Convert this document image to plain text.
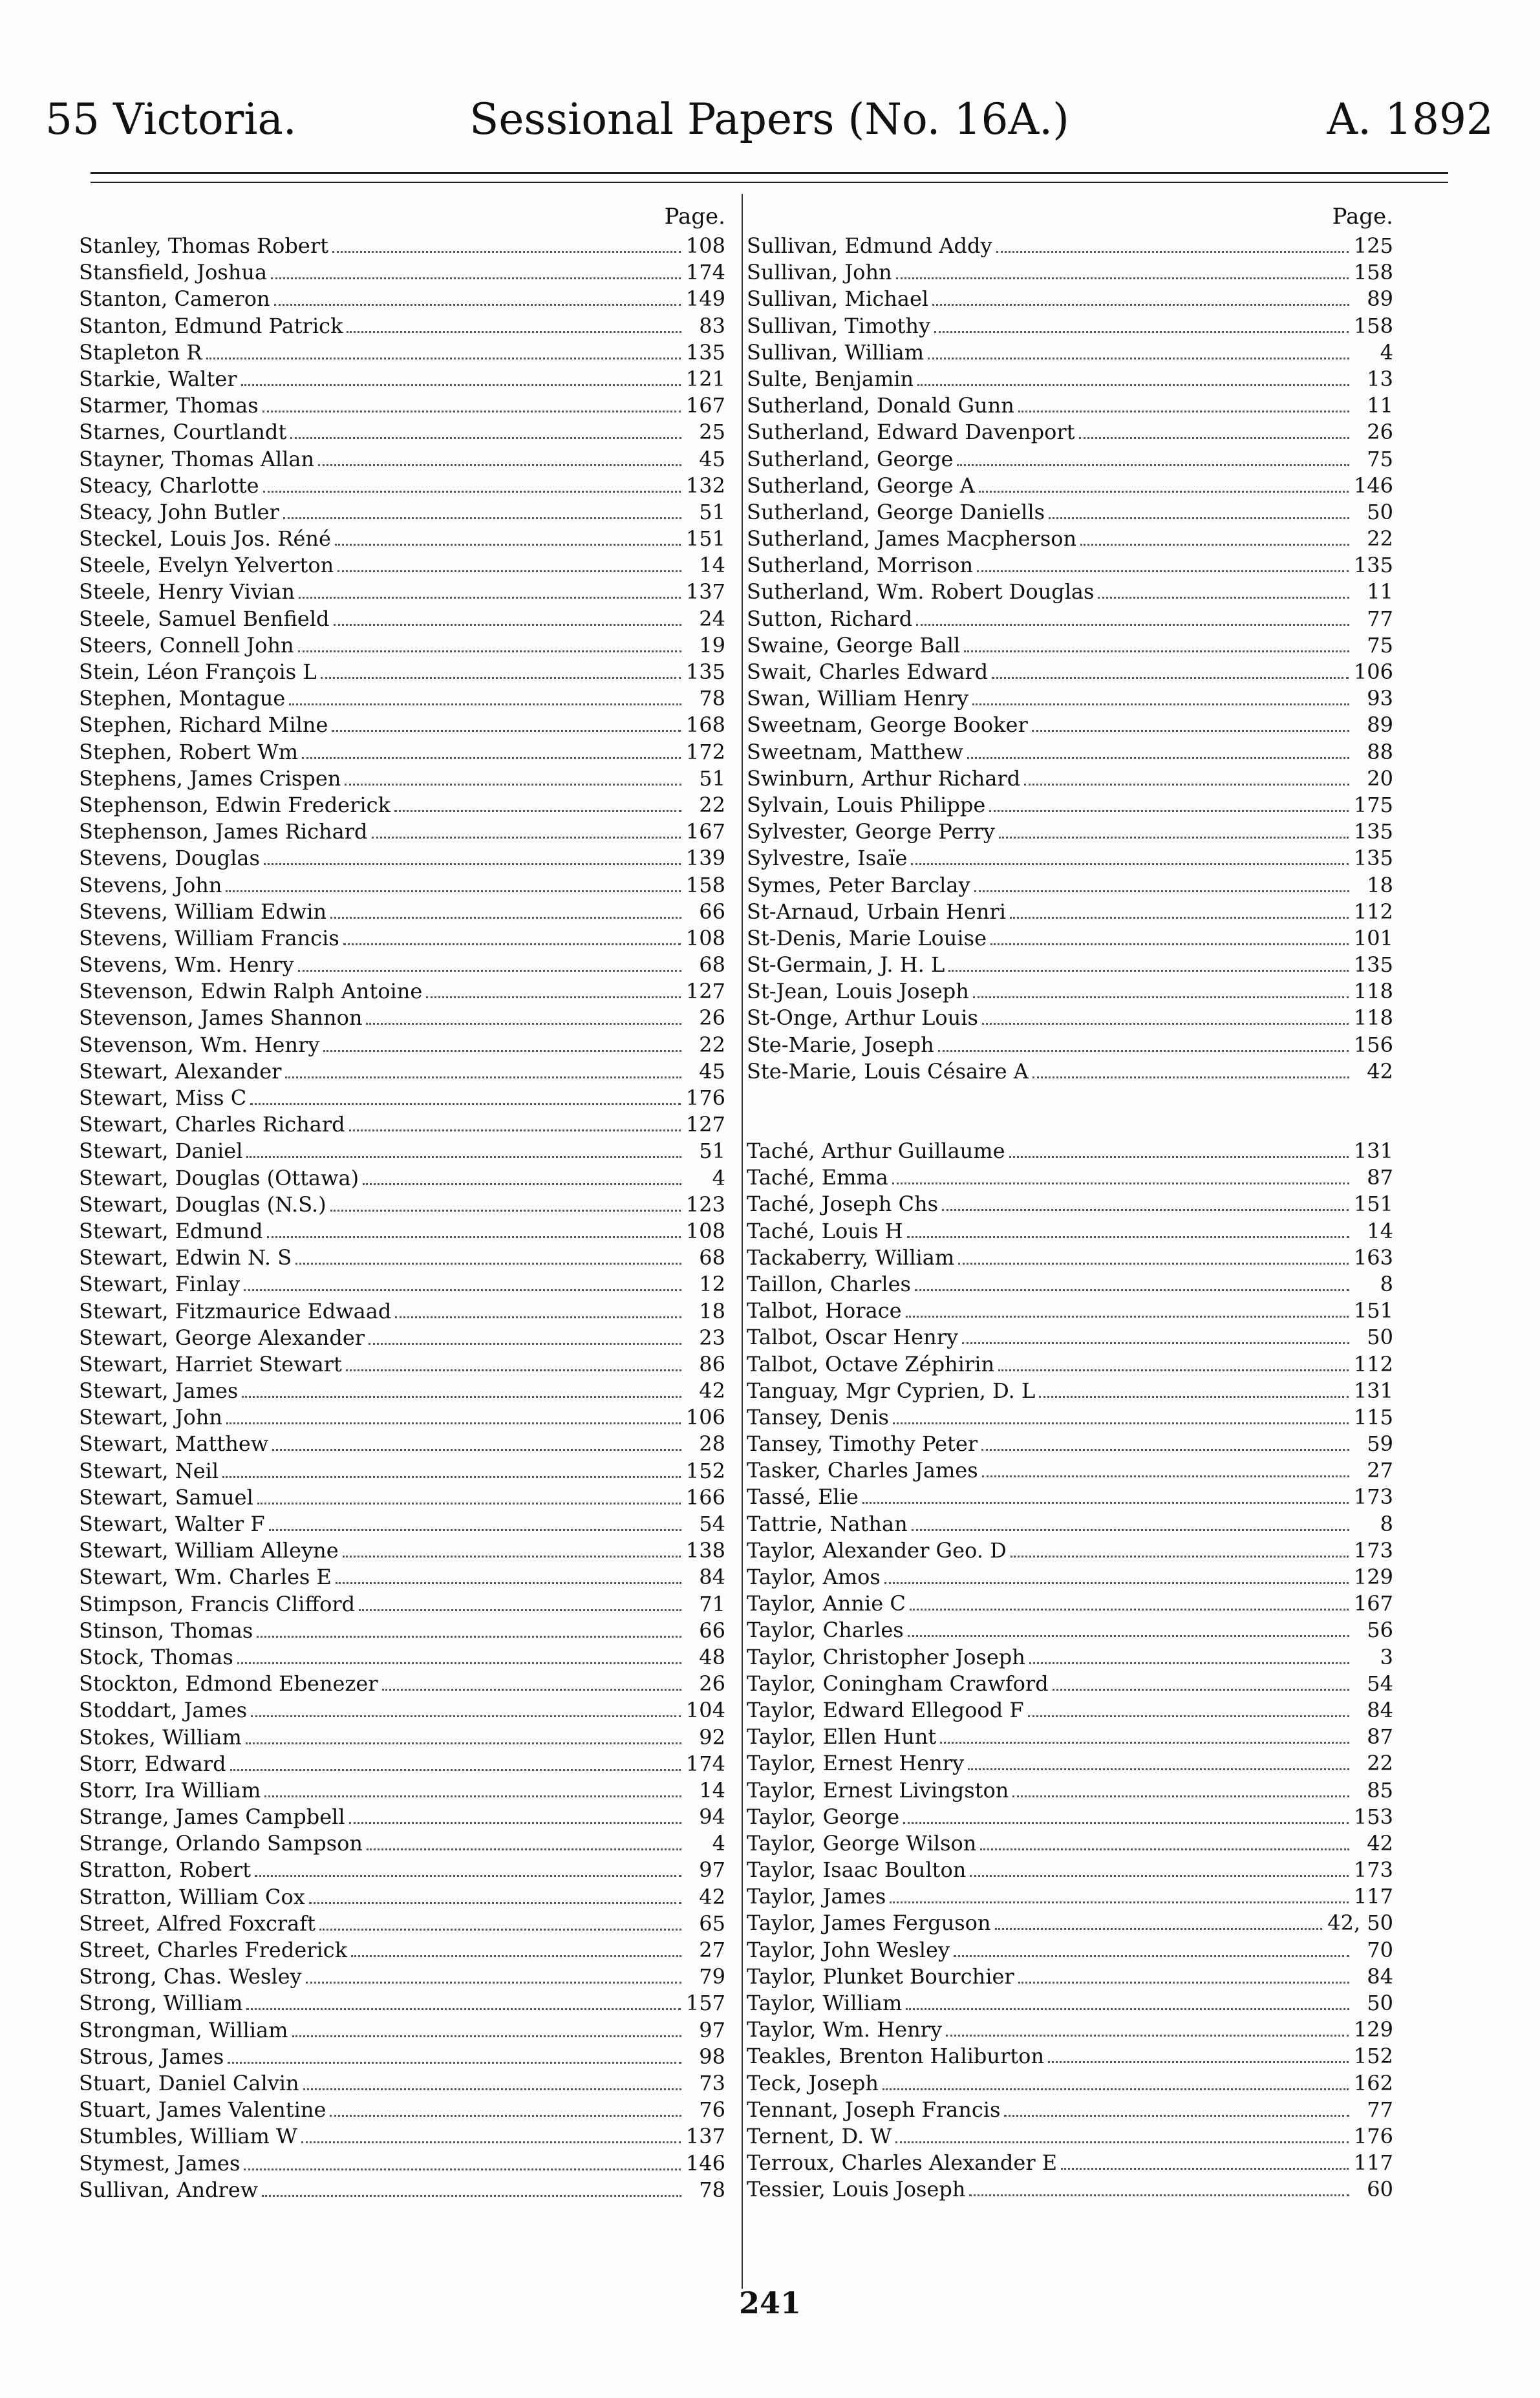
55 Victoria.	Sessional Papers (No. 16A.)	A. 1892
Page.
Stanley, Thomas Robert	108
Stansfield, Joshua	174
Stanton, Cameron	149
Stanton, Edmund Patrick	83
Stapleton R	135
Starkie, Walter	121
Starmer, Thomas	167
Starnes, Courtlandt	25
Stayner, Thomas Allan	45
Steacy, Charlotte	132
Steacy, John Butler	51
Steckel, Louis Jos. Réné	151
Steele, Evelyn Yelverton	14
Steele, Henry Vivian	137
Steele, Samuel Benfield	24
Steers, Connell John	19
Stein, Léon François L	135
Stephen, Montague	78
Stephen, Richard Milne	168
Stephen, Robert Wm	172
Stephens, James Crispen	51
Stephenson, Edwin Frederick	22
Stephenson, James Richard	167
Stevens, Douglas	139
Stevens, John	158
Stevens, William Edwin	66
Stevens, William Francis	108
Stevens, Wm. Henry	68
Stevenson, Edwin Ralph Antoine	127
Stevenson, James Shannon	26
Stevenson, Wm. Henry	22
Stewart, Alexander	45
Stewart, Miss C	176
Stewart, Charles Richard	127
Stewart, Daniel	51
Stewart, Douglas (Ottawa)	4
Stewart, Douglas (N.S.)	123
Stewart, Edmund	108
Stewart, Edwin N. S	68
Stewart, Finlay	12
Stewart, Fitzmaurice Edwaad	18
Stewart, George Alexander	23
Stewart, Harriet Stewart	86
Stewart, James	42
Stewart, John	106
Stewart, Matthew	28
Stewart, Neil	152
Stewart, Samuel	166
Stewart, Walter F	54
Stewart, William Alleyne	138
Stewart, Wm. Charles E	84
Stimpson, Francis Clifford	71
Stinson, Thomas	66
Stock, Thomas	48
Stockton, Edmond Ebenezer	26
Stoddart, James	104
Stokes, William	92
Storr, Edward	174
Storr, Ira William	14
Strange, James Campbell	94
Strange, Orlando Sampson	4
Stratton, Robert	97
Stratton, William Cox	42
Street, Alfred Foxcraft	65
Street, Charles Frederick	27
Strong, Chas. Wesley	79
Strong, William	157
Strongman, William	97
Strous, James	98
Stuart, Daniel Calvin	73
Stuart, James Valentine	76
Stumbles, William W	137
Stymest, James	146
Sullivan, Andrew	78
Page.
Sullivan, Edmund Addy	125
Sullivan, John	158
Sullivan, Michael	89
Sullivan, Timothy	158
Sullivan, William	4
Sulte, Benjamin	13
Sutherland, Donald Gunn	11
Sutherland, Edward Davenport	26
Sutherland, George	75
Sutherland, George A	146
Sutherland, George Daniells	50
Sutherland, James Macpherson	22
Sutherland, Morrison	135
Sutherland, Wm. Robert Douglas	11
Sutton, Richard	77
Swaine, George Ball	75
Swait, Charles Edward	106
Swan, William Henry	93
Sweetnam, George Booker	89
Sweetnam, Matthew	88
Swinburn, Arthur Richard	20
Sylvain, Louis Philippe	175
Sylvester, George Perry	135
Sylvestre, Isaïe	135
Symes, Peter Barclay	18
St-Arnaud, Urbain Henri	112
St-Denis, Marie Louise	101
St-Germain, J. H. L	135
St-Jean, Louis Joseph	118
St-Onge, Arthur Louis	118
Ste-Marie, Joseph	156
Ste-Marie, Louis Césaire A	42
Taché, Arthur Guillaume	131
Taché, Emma	87
Taché, Joseph Chs	151
Taché, Louis H	14
Tackaberry, William	163
Taillon, Charles	8
Talbot, Horace	151
Talbot, Oscar Henry	50
Talbot, Octave Zéphirin	112
Tanguay, Mgr Cyprien, D. L	131
Tansey, Denis	115
Tansey, Timothy Peter	59
Tasker, Charles James	27
Tassé, Elie	173
Tattrie, Nathan	8
Taylor, Alexander Geo. D	173
Taylor, Amos	129
Taylor, Annie C	167
Taylor, Charles	56
Taylor, Christopher Joseph	3
Taylor, Coningham Crawford	54
Taylor, Edward Ellegood F	84
Taylor, Ellen Hunt	87
Taylor, Ernest Henry	22
Taylor, Ernest Livingston	85
Taylor, George	153
Taylor, George Wilson	42
Taylor, Isaac Boulton	173
Taylor, James	117
Taylor, James Ferguson	42, 50
Taylor, John Wesley	70
Taylor, Plunket Bourchier	84
Taylor, William	50
Taylor, Wm. Henry	129
Teakles, Brenton Haliburton	152
Teck, Joseph	162
Tennant, Joseph Francis	77
Ternent, D. W	176
Terroux, Charles Alexander E	117
Tessier, Louis Joseph	60
241
